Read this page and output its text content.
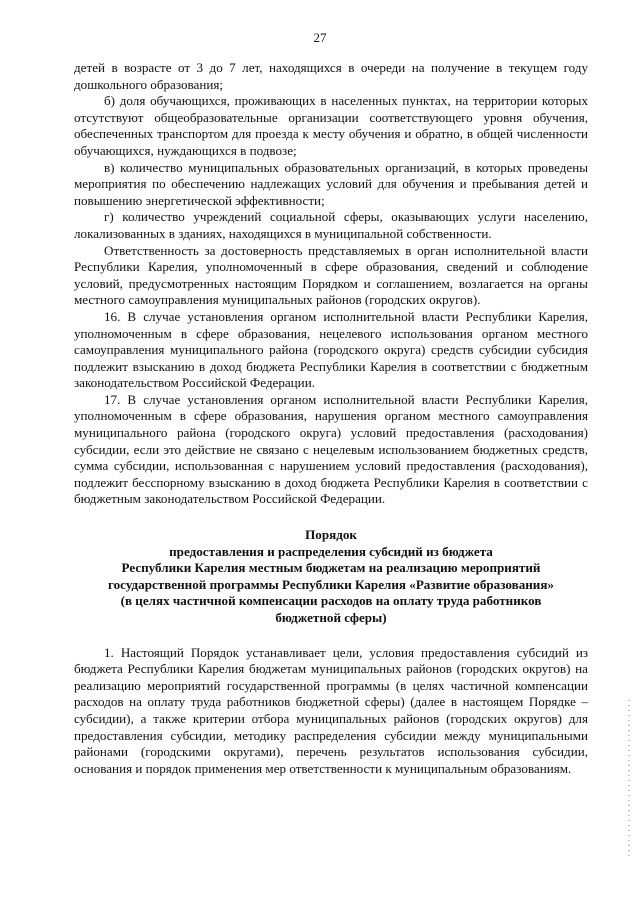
27

детей в возрасте от 3 до 7 лет, находящихся в очереди на получение в текущем году дошкольного образования;

б) доля обучающихся, проживающих в населенных пунктах, на территории которых отсутствуют общеобразовательные организации соответствующего уровня обучения, обеспеченных транспортом для проезда к месту обучения и обратно, в общей численности обучающихся, нуждающихся в подвозе;

в) количество муниципальных образовательных организаций, в которых проведены мероприятия по обеспечению надлежащих условий для обучения и пребывания детей и повышению энергетической эффективности;

г) количество учреждений социальной сферы, оказывающих услуги населению, локализованных в зданиях, находящихся в муниципальной собственности.

Ответственность за достоверность представляемых в орган исполнительной власти Республики Карелия, уполномоченный в сфере образования, сведений и соблюдение условий, предусмотренных настоящим Порядком и соглашением, возлагается на органы местного самоуправления муниципальных районов (городских округов).

16. В случае установления органом исполнительной власти Республики Карелия, уполномоченным в сфере образования, нецелевого использования органом местного самоуправления муниципального района (городского округа) средств субсидии субсидия подлежит взысканию в доход бюджета Республики Карелия в соответствии с бюджетным законодательством Российской Федерации.

17. В случае установления органом исполнительной власти Республики Карелия, уполномоченным в сфере образования, нарушения органом местного самоуправления муниципального района (городского округа) условий предоставления (расходования) субсидии, если это действие не связано с нецелевым использованием бюджетных средств, сумма субсидии, использованная с нарушением условий предоставления (расходования), подлежит бесспорному взысканию в доход бюджета Республики Карелия в соответствии с бюджетным законодательством Российской Федерации.

Порядок
предоставления и распределения субсидий из бюджета
Республики Карелия местным бюджетам на реализацию мероприятий
государственной программы Республики Карелия «Развитие образования»
(в целях частичной компенсации расходов на оплату труда работников
бюджетной сферы)

1. Настоящий Порядок устанавливает цели, условия предоставления субсидий из бюджета Республики Карелия бюджетам муниципальных районов (городских округов) на реализацию мероприятий государственной программы (в целях частичной компенсации расходов на оплату труда работников бюджетной сферы) (далее в настоящем Порядке – субсидии), а также критерии отбора муниципальных районов (городских округов) для предоставления субсидии, методику распределения субсидии между муниципальными районами (городскими округами), перечень результатов использования субсидии, основания и порядок применения мер ответственности к муниципальным образованиям.
